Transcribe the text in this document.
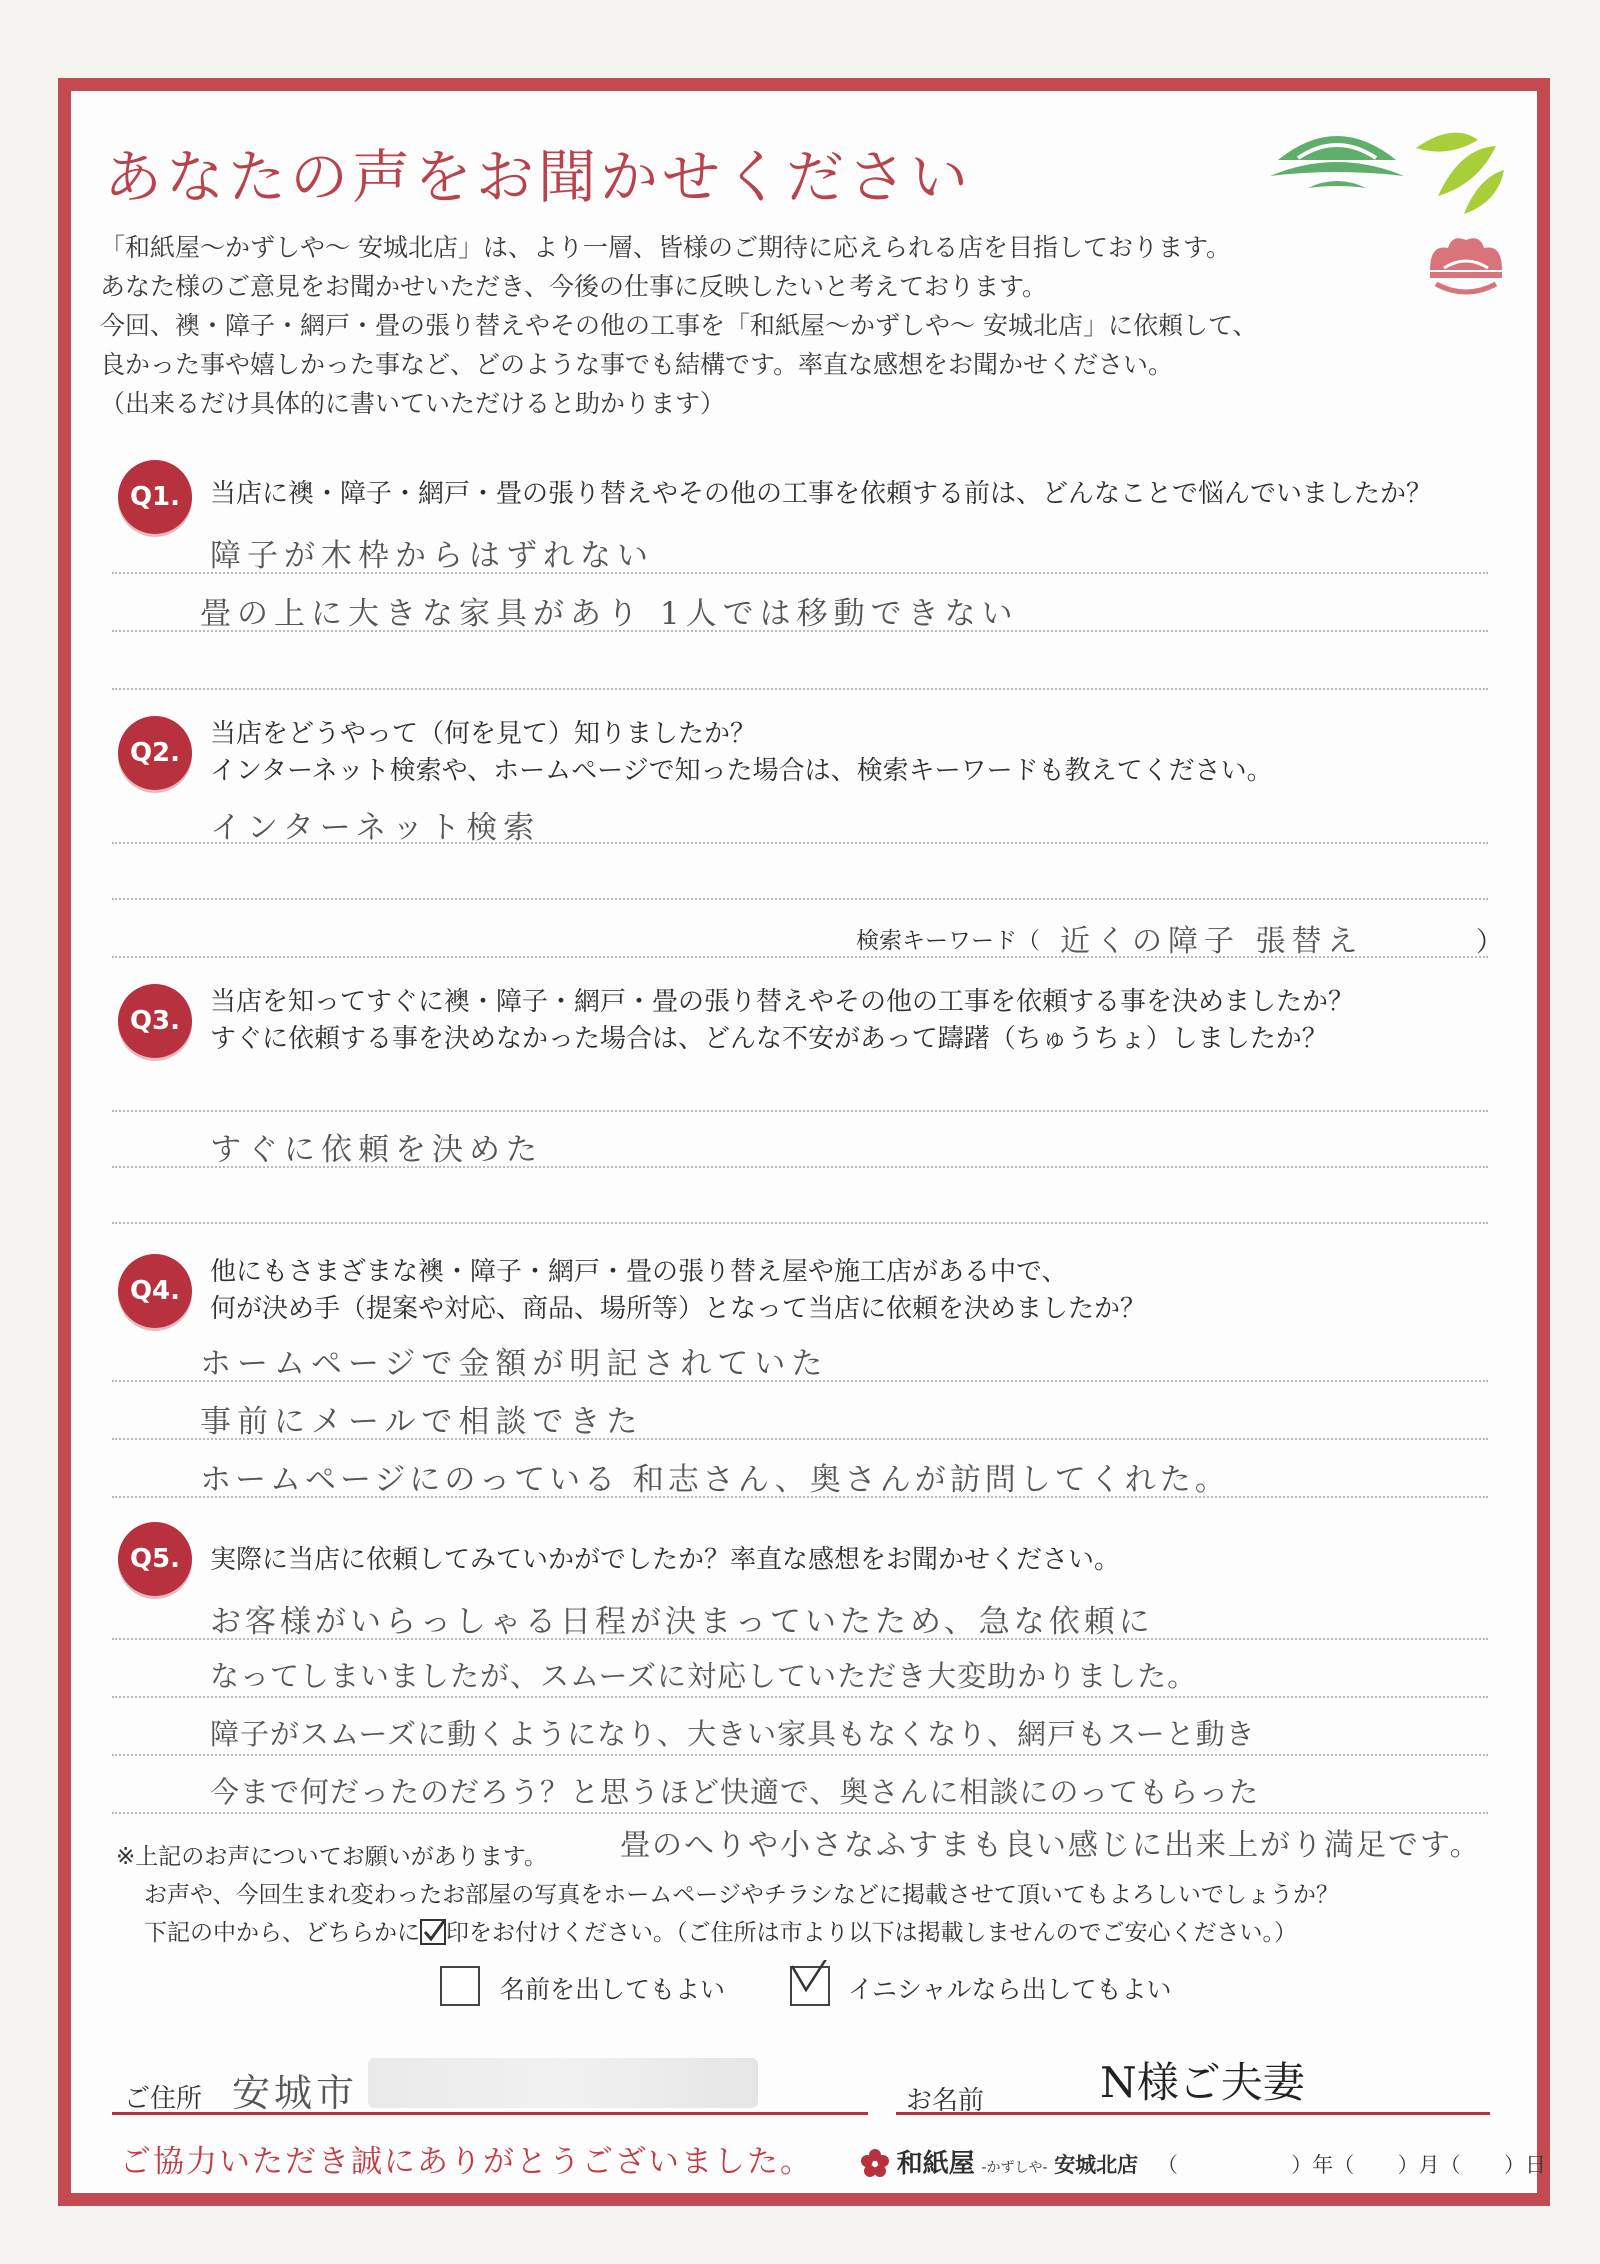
あなたの声をお聞かせください
「和紙屋〜かずしや〜 安城北店」は、より一層、皆様のご期待に応えられる店を目指しております。
あなた様のご意見をお聞かせいただき、今後の仕事に反映したいと考えております。
今回、襖・障子・網戸・畳の張り替えやその他の工事を「和紙屋〜かずしや〜 安城北店」に依頼して、
良かった事や嬉しかった事など、どのような事でも結構です。率直な感想をお聞かせください。
（出来るだけ具体的に書いていただけると助かります）
Q1.	当店に襖・障子・網戸・畳の張り替えやその他の工事を依頼する前は、どんなことで悩んでいましたか？
障子が木枠からはずれない
畳の上に大きな家具があり 1人では移動できない
Q2.
当店をどうやって（何を見て）知りましたか？
インターネット検索や、ホームページで知った場合は、検索キーワードも教えてください。
インターネット検索
検索キーワード（ 近くの障子 張替え	）
Q3.
当店を知ってすぐに襖・障子・網戸・畳の張り替えやその他の工事を依頼する事を決めましたか？
すぐに依頼する事を決めなかった場合は、どんな不安があって躊躇（ちゅうちょ）しましたか？
すぐに依頼を決めた
Q4.
他にもさまざまな襖・障子・網戸・畳の張り替え屋や施工店がある中で、
何が決め手（提案や対応、商品、場所等）となって当店に依頼を決めましたか？
ホームページで金額が明記されていた
事前にメールで相談できた
ホームページにのっている 和志さん、奥さんが訪問してくれた。
Q5.	実際に当店に依頼してみていかがでしたか？率直な感想をお聞かせください。
お客様がいらっしゃる日程が決まっていたため、急な依頼に
なってしまいましたが、スムーズに対応していただき大変助かりました。
障子がスムーズに動くようになり、大きい家具もなくなり、網戸もスーと動き
今まで何だったのだろう？と思うほど快適で、奥さんに相談にのってもらった
畳のへりや小さなふすまも良い感じに出来上がり満足です。
※上記のお声についてお願いがあります。
お声や、今回生まれ変わったお部屋の写真をホームページやチラシなどに掲載させて頂いてもよろしいでしょうか？
下記の中から、どちらかに 印をお付けください。（ご住所は市より以下は掲載しませんのでご安心ください。）
名前を出してもよい	イニシャルなら出してもよい
ご住所 安城市	お名前	N様ご夫妻
ご協力いただき誠にありがとうございました。	和紙屋 -かずしや- 安城北店 （	）年（ ）月（ ）日
